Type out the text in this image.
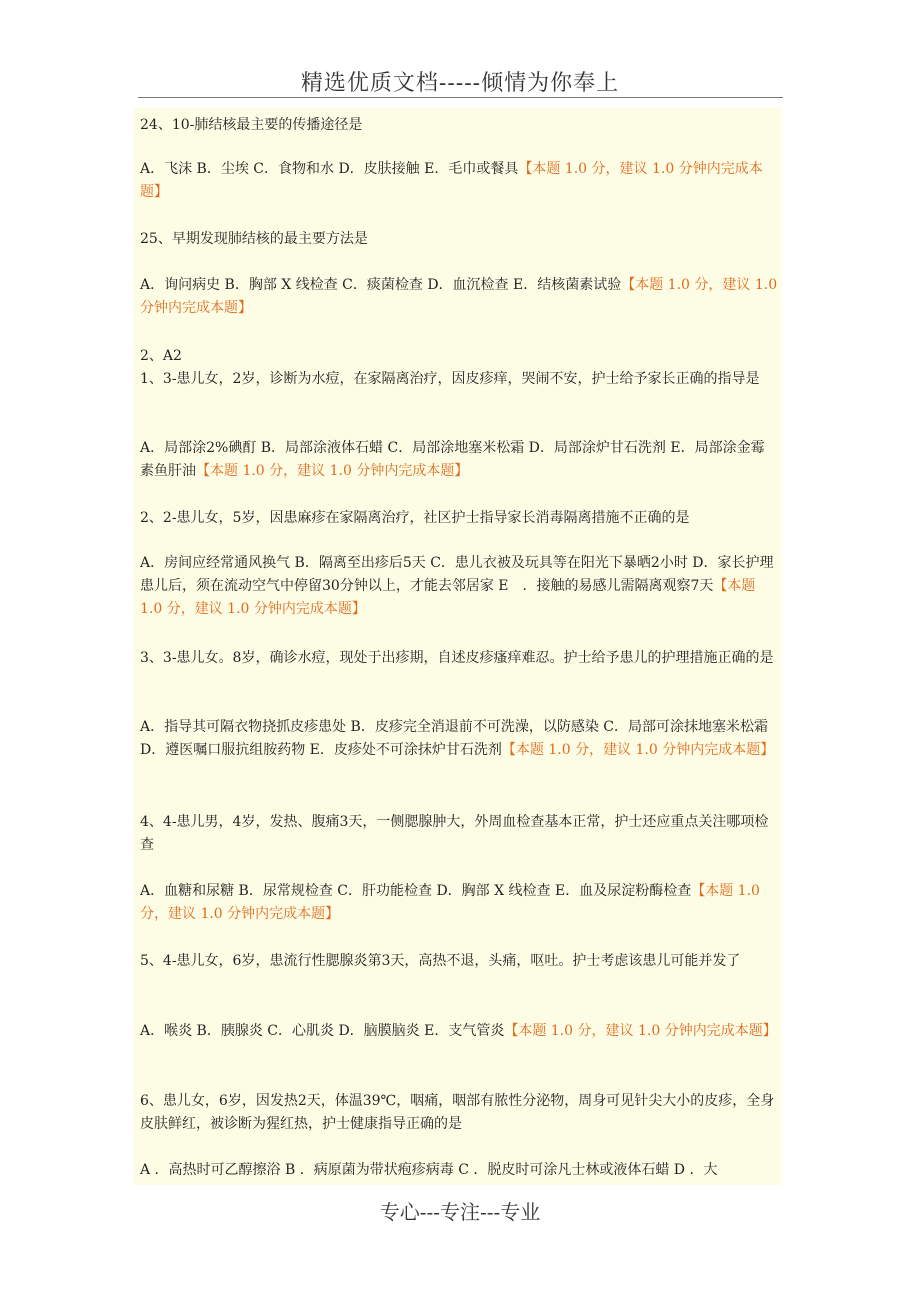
精选优质文档-----倾情为你奉上

24、10-肺结核最主要的传播途径是

A．飞沫 B．尘埃 C．食物和水 D．皮肤接触 E．毛巾或餐具【本题 1.0 分，建议 1.0 分钟内完成本题】

25、早期发现肺结核的最主要方法是

A．询问病史 B．胸部 X 线检查 C．痰菌检查 D．血沉检查 E．结核菌素试验【本题 1.0 分，建议 1.0 分钟内完成本题】

2、A2

1、3-患儿女，2岁，诊断为水痘，在家隔离治疗，因皮疹痒，哭闹不安，护士给予家长正确的指导是

A．局部涂2%碘酊 B．局部涂液体石蜡 C．局部涂地塞米松霜 D．局部涂炉甘石洗剂 E．局部涂金霉素鱼肝油【本题 1.0 分，建议 1.0 分钟内完成本题】

2、2-患儿女，5岁，因患麻疹在家隔离治疗，社区护士指导家长消毒隔离措施不正确的是

A．房间应经常通风换气 B．隔离至出疹后5天 C．患儿衣被及玩具等在阳光下暴晒2小时 D．家长护理患儿后，须在流动空气中停留30分钟以上，才能去邻居家 E　．接触的易感儿需隔离观察7天【本题 1.0 分，建议 1.0 分钟内完成本题】

3、3-患儿女。8岁，确诊水痘，现处于出疹期，自述皮疹瘙痒难忍。护士给予患儿的护理措施正确的是

A．指导其可隔衣物挠抓皮疹患处 B．皮疹完全消退前不可洗澡，以防感染 C．局部可涂抹地塞米松霜 D．遵医嘱口服抗组胺药物 E．皮疹处不可涂抹炉甘石洗剂【本题 1.0 分，建议 1.0 分钟内完成本题】

4、4-患儿男，4岁，发热、腹痛3天，一侧腮腺肿大，外周血检查基本正常，护士还应重点关注哪项检查

A．血糖和尿糖 B．尿常规检查 C．肝功能检查 D．胸部 X 线检查 E．血及尿淀粉酶检查【本题 1.0 分，建议 1.0 分钟内完成本题】

5、4-患儿女，6岁，患流行性腮腺炎第3天，高热不退，头痛，呕吐。护士考虑该患儿可能并发了

A．喉炎 B．胰腺炎 C．心肌炎 D．脑膜脑炎 E．支气管炎【本题 1.0 分，建议 1.0 分钟内完成本题】

6、患儿女，6岁，因发热2天，体温39℃，咽痛，咽部有脓性分泌物，周身可见针尖大小的皮疹，全身皮肤鲜红，被诊断为猩红热，护士健康指导正确的是

A ．高热时可乙醇擦浴 B ．病原菌为带状疱疹病毒 C ．脱皮时可涂凡士林或液体石蜡 D ．大

专心---专注---专业
